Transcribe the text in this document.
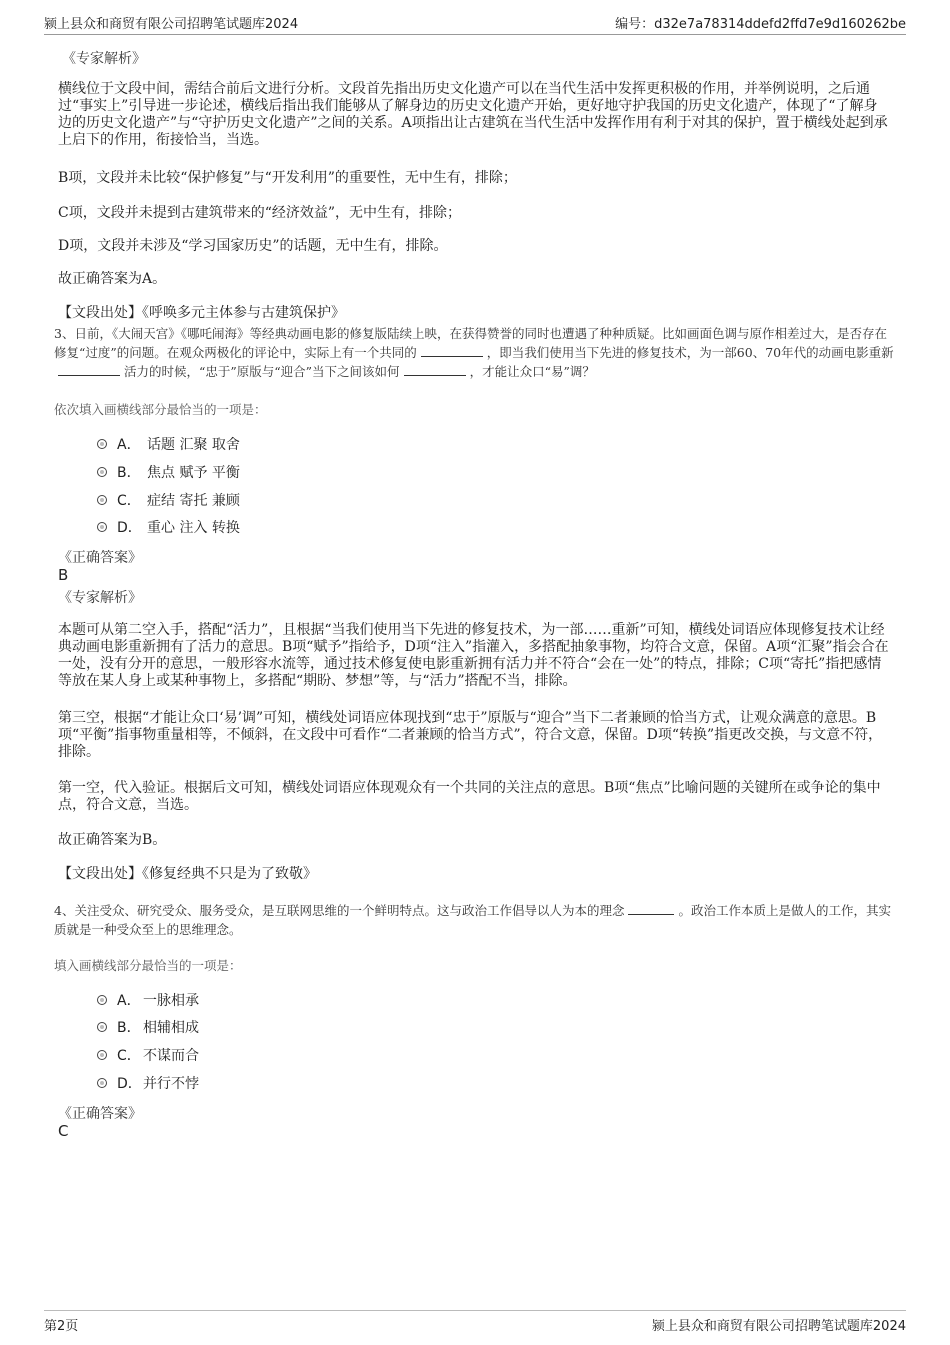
颍上县众和商贸有限公司招聘笔试题库2024	编号：d32e7a78314ddefd2ffd7e9d160262be
《专家解析》
横线位于文段中间，需结合前后文进行分析。文段首先指出历史文化遗产可以在当代生活中发挥更积极的作用，并举例说明，之后通过“事实上”引导进一步论述，横线后指出我们能够从了解身边的历史文化遗产开始，更好地守护我国的历史文化遗产，体现了“了解身边的历史文化遗产”与“守护历史文化遗产”之间的关系。A项指出让古建筑在当代生活中发挥作用有利于对其的保护，置于横线处起到承上启下的作用，衔接恰当，当选。
B项，文段并未比较“保护修复”与“开发利用”的重要性，无中生有，排除；
C项，文段并未提到古建筑带来的“经济效益”，无中生有，排除；
D项，文段并未涉及“学习国家历史”的话题，无中生有，排除。
故正确答案为A。
【文段出处】《呼唤多元主体参与古建筑保护》
3、日前，《大闹天宫》《哪吒闹海》等经典动画电影的修复版陆续上映，在获得赞誉的同时也遭遇了种种质疑。比如画面色调与原作相差过大，是否存在修复“过度”的问题。在观众两极化的评论中，实际上有一个共同的	，即当我们使用当下先进的修复技术，为一部60、70年代的动画电影重新活力的时候，“忠于”原版与“迎合”当下之间该如何	，才能让众口“易”调？
依次填入画横线部分最恰当的一项是：
A． 话题 汇聚 取舍
B． 焦点 赋予 平衡
C． 症结 寄托 兼顾
D． 重心 注入 转换
《正确答案》
B
《专家解析》
本题可从第二空入手，搭配“活力”，且根据“当我们使用当下先进的修复技术，为一部……重新”可知，横线处词语应体现修复技术让经典动画电影重新拥有了活力的意思。B项“赋予”指给予，D项“注入”指灌入，多搭配抽象事物，均符合文意，保留。A项“汇聚”指会合在一处，没有分开的意思，一般形容水流等，通过技术修复使电影重新拥有活力并不符合“会在一处”的特点，排除；C项“寄托”指把感情等放在某人身上或某种事物上，多搭配“期盼、梦想”等，与“活力”搭配不当，排除。
第三空，根据“才能让众口‘易’调”可知，横线处词语应体现找到“忠于”原版与“迎合”当下二者兼顾的恰当方式，让观众满意的意思。B项“平衡”指事物重量相等，不倾斜，在文段中可看作“二者兼顾的恰当方式”，符合文意，保留。D项“转换”指更改交换，与文意不符，排除。
第一空，代入验证。根据后文可知，横线处词语应体现观众有一个共同的关注点的意思。B项“焦点”比喻问题的关键所在或争论的集中点，符合文意，当选。
故正确答案为B。
【文段出处】《修复经典不只是为了致敬》
4、关注受众、研究受众、服务受众，是互联网思维的一个鲜明特点。这与政治工作倡导以人为本的理念	。政治工作本质上是做人的工作，其实质就是一种受众至上的思维理念。
填入画横线部分最恰当的一项是：
A． 一脉相承
B． 相辅相成
C． 不谋而合
D． 并行不悖
《正确答案》
C
第2页	颍上县众和商贸有限公司招聘笔试题库2024
